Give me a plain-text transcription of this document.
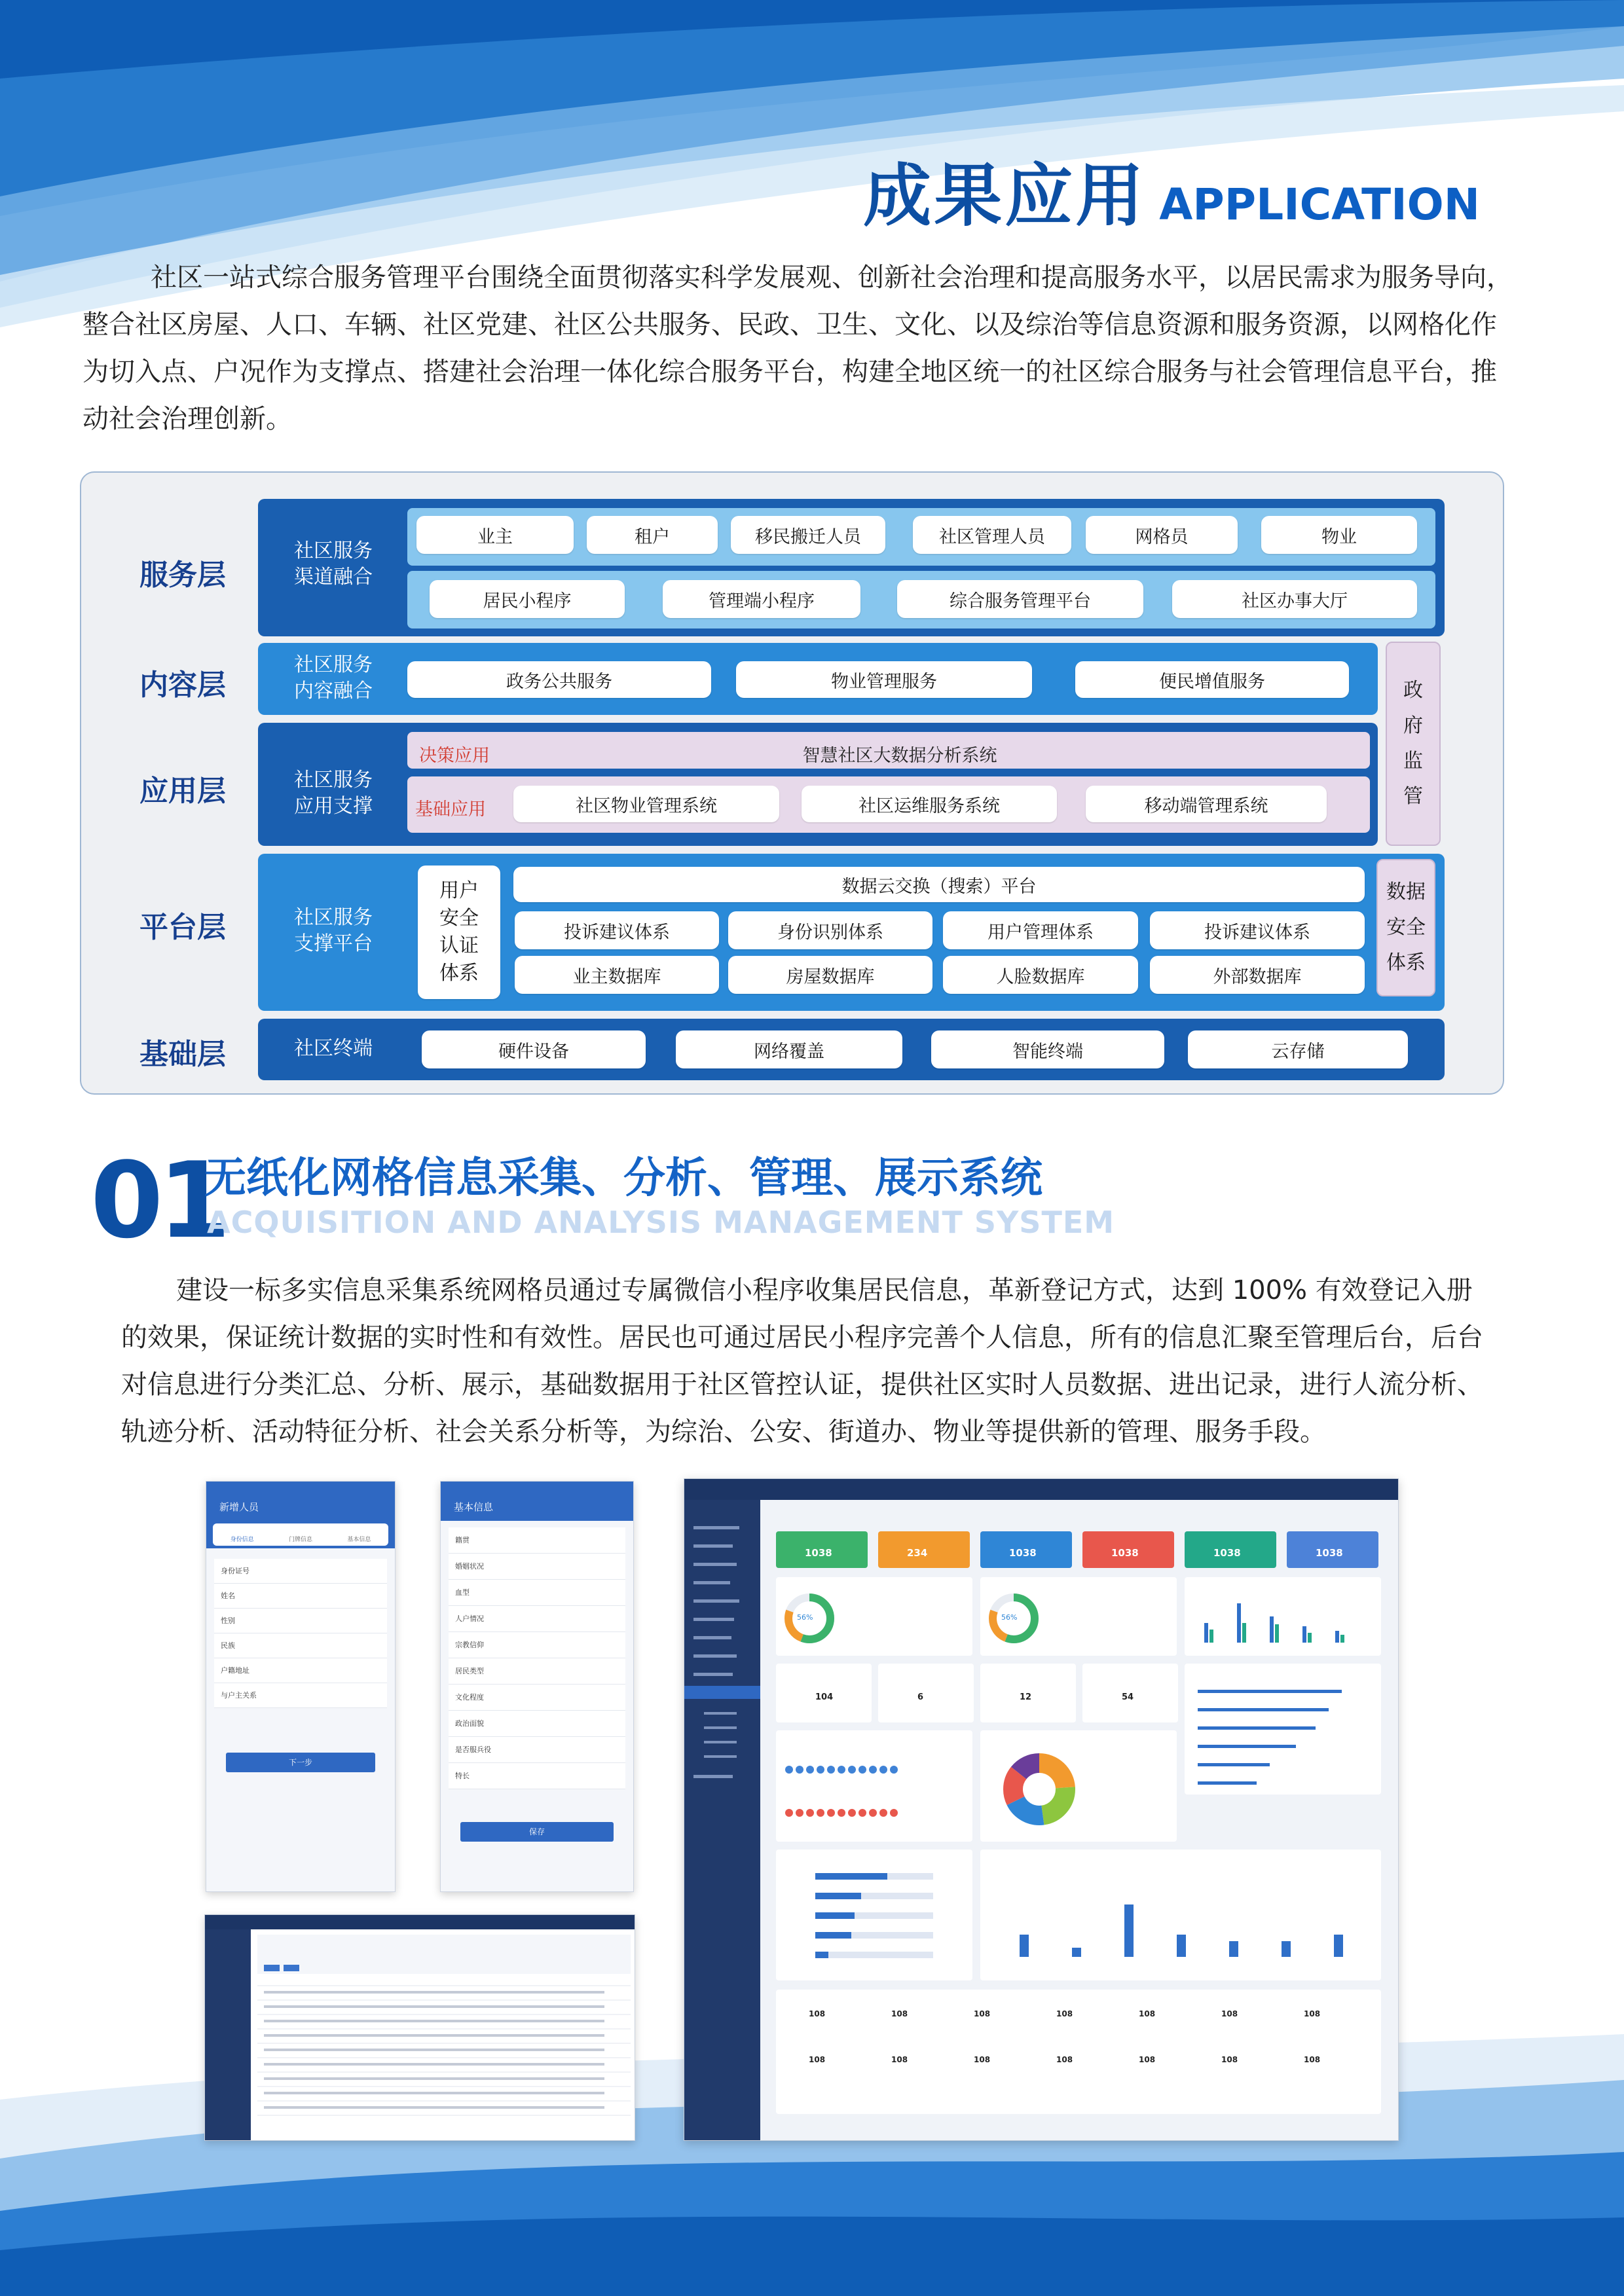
成果应用 APPLICATION

社区一站式综合服务管理平台围绕全面贯彻落实科学发展观、创新社会治理和提高服务水平，以居民需求为服务导向，整合社区房屋、人口、车辆、社区党建、社区公共服务、民政、卫生、文化、以及综治等信息资源和服务资源，以网格化作为切入点、户况作为支撑点、搭建社会治理一体化综合服务平台，构建全地区统一的社区综合服务与社会管理信息平台，推动社会治理创新。

服务层
内容层
应用层
平台层
基础层
社区服务
渠道融合
业主	租户	移民搬迁人员	社区管理人员	网格员	物业
居民小程序	管理端小程序	综合服务管理平台	社区办事大厅
社区服务
内容融合	政务公共服务	物业管理服务	便民增值服务
社区服务
应用支撑
决策应用	智慧社区大数据分析系统
基础应用	社区物业管理系统	社区运维服务系统	移动端管理系统
政府监管
社区服务
支撑平台
用户安全认证体系
数据云交换（搜索）平台
投诉建议体系	身份识别体系	用户管理体系	投诉建议体系
业主数据库	房屋数据库	人脸数据库	外部数据库
数据安全体系
社区终端	硬件设备	网络覆盖	智能终端	云存储
01
无纸化网格信息采集、分析、管理、展示系统
ACQUISITION AND ANALYSIS MANAGEMENT SYSTEM

建设一标多实信息采集系统网格员通过专属微信小程序收集居民信息，革新登记方式，达到 100% 有效登记入册的效果，保证统计数据的实时性和有效性。居民也可通过居民小程序完善个人信息，所有的信息汇聚至管理后台，后台对信息进行分类汇总、分析、展示，基础数据用于社区管控认证，提供社区实时人员数据、进出记录，进行人流分析、轨迹分析、活动特征分析、社会关系分析等，为综治、公安、街道办、物业等提供新的管理、服务手段。

新增人员
身份信息	门牌信息	基本信息
身份证号
姓名
性别
民族
户籍地址
与户主关系
下一步
基本信息
籍贯
婚姻状况
血型
人户情况
宗教信仰
居民类型
文化程度
政治面貌
是否服兵役
特长
保存
1038	234	1038	1038	1038	1038
56%	56%
104	6	12	54
108	108	108	108	108	108	108
108	108	108	108	108	108	108
